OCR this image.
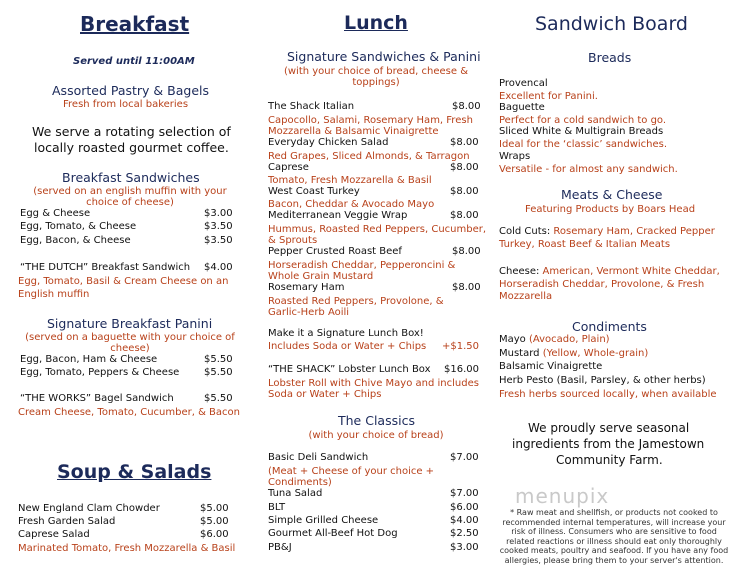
Breakfast
Served until 11:00AM
Assorted Pastry & Bagels
Fresh from local bakeries
We serve a rotating selection of
locally roasted gourmet coffee.
Breakfast Sandwiches
(served on an english muffin with your
choice of cheese)
Egg & Cheese	$3.00
Egg, Tomato, & Cheese	$3.50
Egg, Bacon, & Cheese	$3.50
“THE DUTCH” Breakfast Sandwich $4.00
Egg, Tomato, Basil & Cream Cheese on an
English muffin
Signature Breakfast Panini
(served on a baguette with your choice of
cheese)
Egg, Bacon, Ham & Cheese	$5.50
Egg, Tomato, Peppers & Cheese $5.50
“THE WORKS” Bagel Sandwich	$5.50
Cream Cheese, Tomato, Cucumber, & Bacon
Soup & Salads
New England Clam Chowder	$5.00
Fresh Garden Salad	$5.00
Caprese Salad	$6.00
Marinated Tomato, Fresh Mozzarella & Basil
Lunch
Signature Sandwiches & Panini
(with your choice of bread, cheese &
toppings)
The Shack Italian	$8.00
Capocollo, Salami, Rosemary Ham, Fresh
Mozzarella & Balsamic Vinaigrette
Everyday Chicken Salad	$8.00
Red Grapes, Sliced Almonds, & Tarragon
Caprese	$8.00
Tomato, Fresh Mozzarella & Basil
West Coast Turkey	$8.00
Bacon, Cheddar & Avocado Mayo
Mediterranean Veggie Wrap	$8.00
Hummus, Roasted Red Peppers, Cucumber,
& Sprouts
Pepper Crusted Roast Beef	$8.00
Horseradish Cheddar, Pepperoncini &
Whole Grain Mustard
Rosemary Ham	$8.00
Roasted Red Peppers, Provolone, &
Garlic-Herb Aoili
Make it a Signature Lunch Box!
Includes Soda or Water + Chips +$1.50
“THE SHACK” Lobster Lunch Box $16.00
Lobster Roll with Chive Mayo and includes
Soda or Water + Chips
The Classics
(with your choice of bread)
Basic Deli Sandwich	$7.00
(Meat + Cheese of your choice +
Condiments)
Tuna Salad	$7.00
BLT	$6.00
Simple Grilled Cheese	$4.00
Gourmet All-Beef Hot Dog	$2.50
PB&J	$3.00
Sandwich Board
Breads
Provencal
Excellent for Panini.
Baguette
Perfect for a cold sandwich to go.
Sliced White & Multigrain Breads
Ideal for the ‘classic’ sandwiches.
Wraps
Versatile - for almost any sandwich.
Meats & Cheese
Featuring Products by Boars Head
Cold Cuts: Rosemary Ham, Cracked Pepper
Turkey, Roast Beef & Italian Meats
Cheese: American, Vermont White Cheddar,
Horseradish Cheddar, Provolone, & Fresh
Mozzarella
Condiments
Mayo (Avocado, Plain)
Mustard (Yellow, Whole-grain)
Balsamic Vinaigrette
Herb Pesto (Basil, Parsley, & other herbs)
Fresh herbs sourced locally, when available
We proudly serve seasonal
ingredients from the Jamestown
Community Farm.
menupix
* Raw meat and shellfish, or products not cooked to recommended internal temperatures, will increase your risk of illness. Consumers who are sensitive to food related reactions or illness should eat only thoroughly cooked meats, poultry and seafood. If you have any food allergies, please bring them to your server's attention.
